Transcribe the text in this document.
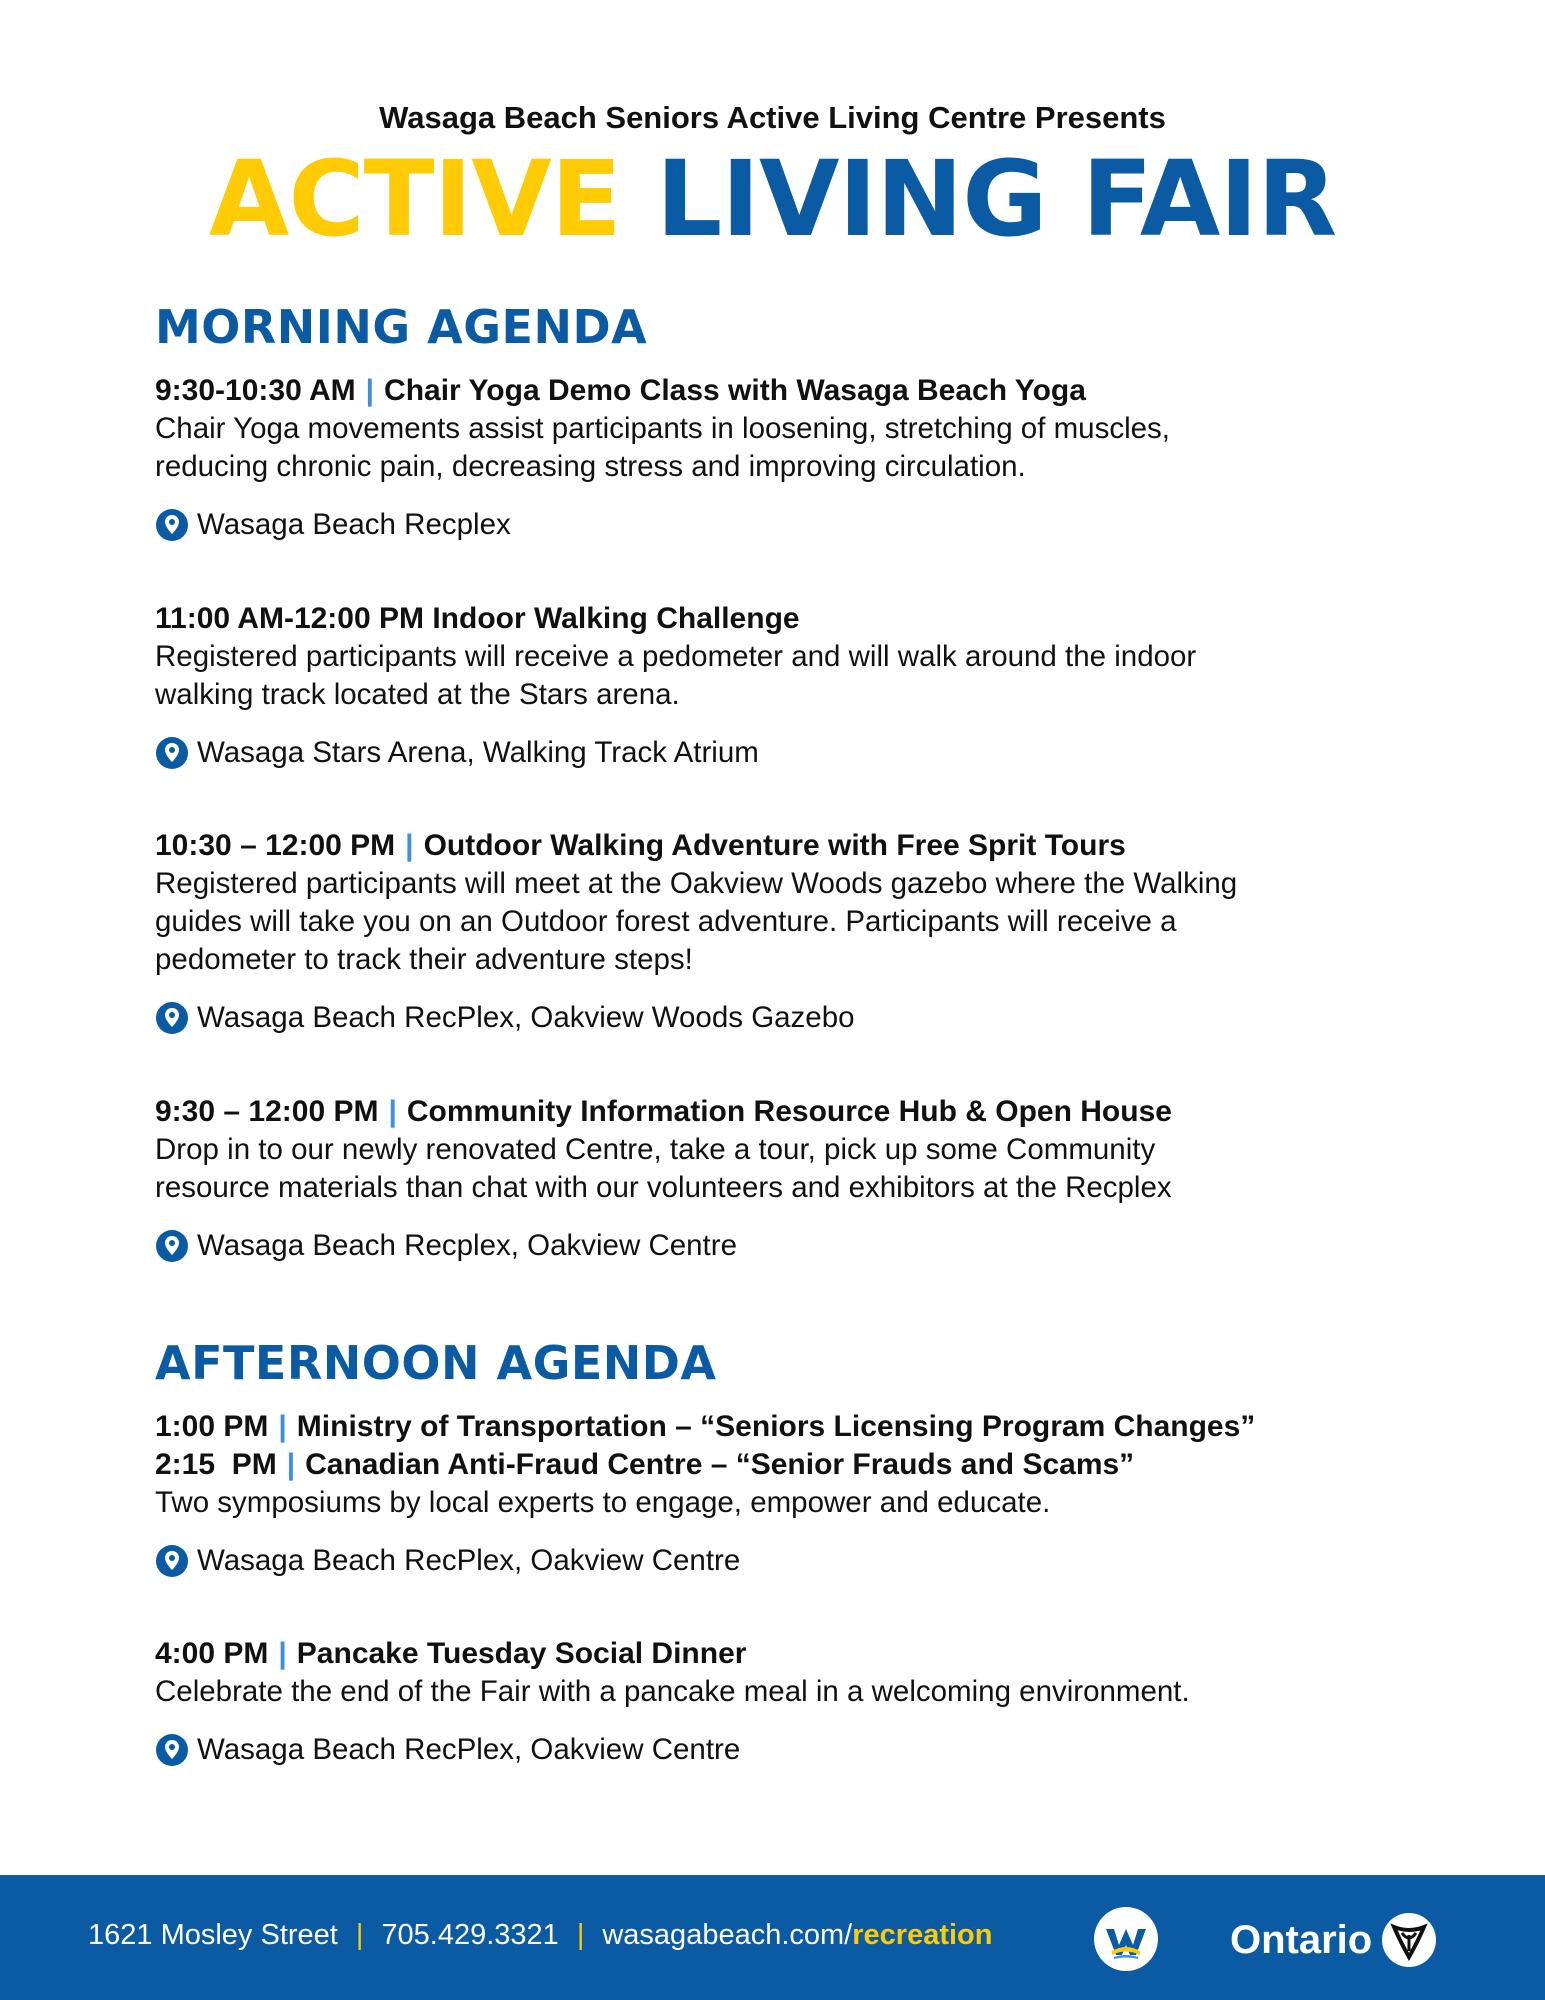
Wasaga Beach Seniors Active Living Centre Presents
ACTIVE LIVING FAIR
MORNING AGENDA
9:30-10:30 AM | Chair Yoga Demo Class with Wasaga Beach Yoga
Chair Yoga movements assist participants in loosening, stretching of muscles,
reducing chronic pain, decreasing stress and improving circulation.
Wasaga Beach Recplex
11:00 AM-12:00 PM Indoor Walking Challenge
Registered participants will receive a pedometer and will walk around the indoor
walking track located at the Stars arena.
Wasaga Stars Arena, Walking Track Atrium
10:30 – 12:00 PM | Outdoor Walking Adventure with Free Sprit Tours
Registered participants will meet at the Oakview Woods gazebo where the Walking
guides will take you on an Outdoor forest adventure. Participants will receive a
pedometer to track their adventure steps!
Wasaga Beach RecPlex, Oakview Woods Gazebo
9:30 – 12:00 PM | Community Information Resource Hub & Open House
Drop in to our newly renovated Centre, take a tour, pick up some Community
resource materials than chat with our volunteers and exhibitors at the Recplex
Wasaga Beach Recplex, Oakview Centre
AFTERNOON AGENDA
1:00 PM | Ministry of Transportation – “Seniors Licensing Program Changes”
2:15  PM | Canadian Anti-Fraud Centre – “Senior Frauds and Scams”
Two symposiums by local experts to engage, empower and educate.
Wasaga Beach RecPlex, Oakview Centre
4:00 PM | Pancake Tuesday Social Dinner
Celebrate the end of the Fair with a pancake meal in a welcoming environment.
Wasaga Beach RecPlex, Oakview Centre
1621 Mosley Street | 705.429.3321 | wasagabeach.com/recreation	Ontario
